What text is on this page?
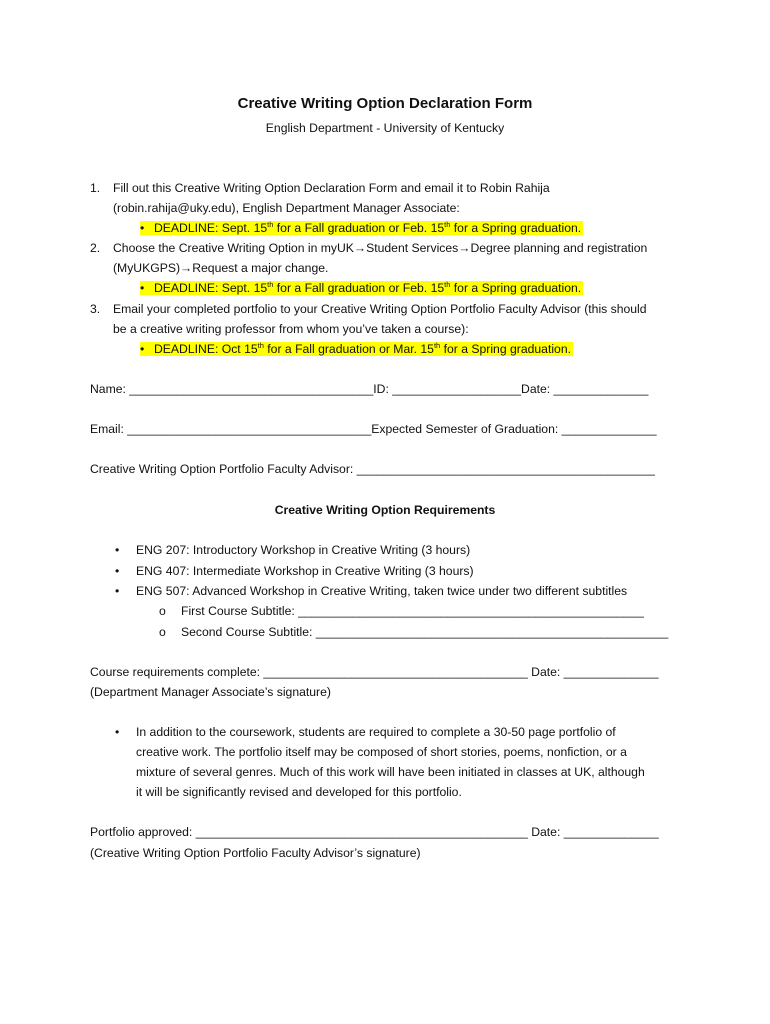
Creative Writing Option Declaration Form
English Department - University of Kentucky
1. Fill out this Creative Writing Option Declaration Form and email it to Robin Rahija
(robin.rahija@uky.edu), English Department Manager Associate:
• DEADLINE: Sept. 15th for a Fall graduation or Feb. 15th for a Spring graduation.
2. Choose the Creative Writing Option in myUK→Student Services→Degree planning and registration
(MyUKGPS)→Request a major change.
• DEADLINE: Sept. 15th for a Fall graduation or Feb. 15th for a Spring graduation.
3. Email your completed portfolio to your Creative Writing Option Portfolio Faculty Advisor (this should
be a creative writing professor from whom you’ve taken a course):
• DEADLINE: Oct 15th for a Fall graduation or Mar. 15th for a Spring graduation.
Name: ____________________________________ID: ___________________Date: ______________
Email: ____________________________________Expected Semester of Graduation: ______________
Creative Writing Option Portfolio Faculty Advisor: ____________________________________________
Creative Writing Option Requirements
• ENG 207: Introductory Workshop in Creative Writing (3 hours)
• ENG 407: Intermediate Workshop in Creative Writing (3 hours)
• ENG 507: Advanced Workshop in Creative Writing, taken twice under two different subtitles
o First Course Subtitle: ___________________________________________________
o Second Course Subtitle: ____________________________________________________
Course requirements complete: _______________________________________ Date: ______________
(Department Manager Associate’s signature)
• In addition to the coursework, students are required to complete a 30-50 page portfolio of
creative work. The portfolio itself may be composed of short stories, poems, nonfiction, or a
mixture of several genres. Much of this work will have been initiated in classes at UK, although
it will be significantly revised and developed for this portfolio.
Portfolio approved: _________________________________________________ Date: ______________
(Creative Writing Option Portfolio Faculty Advisor’s signature)
